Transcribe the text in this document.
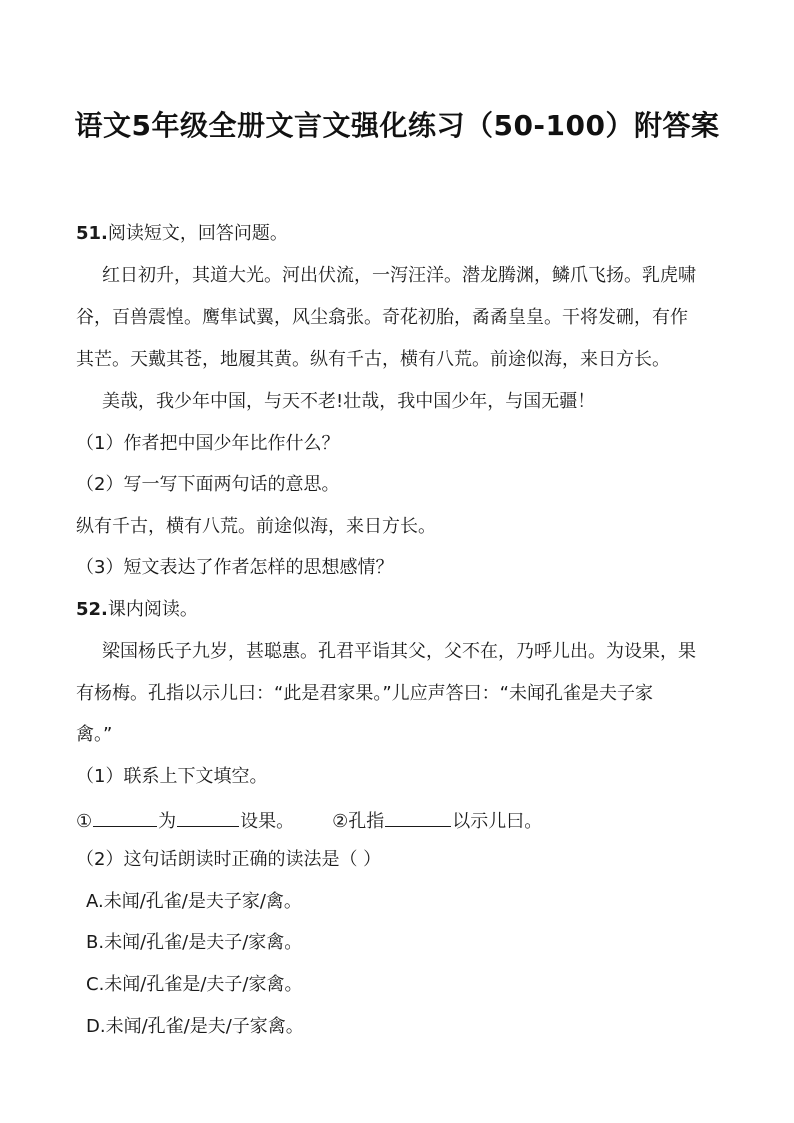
语文5年级全册文言文强化练习（50-100）附答案
51.阅读短文，回答问题。
红日初升，其道大光。河出伏流，一泻汪洋。潜龙腾渊，鳞爪飞扬。乳虎啸
谷，百兽震惶。鹰隼试翼，风尘翕张。奇花初胎，矞矞皇皇。干将发硎，有作
其芒。天戴其苍，地履其黄。纵有千古，横有八荒。前途似海，来日方长。
美哉，我少年中国，与天不老!壮哉，我中国少年，与国无疆！
（1）作者把中国少年比作什么？
（2）写一写下面两句话的意思。
纵有千古，横有八荒。前途似海，来日方长。
（3）短文表达了作者怎样的思想感情？
52.课内阅读。
梁国杨氏子九岁，甚聪惠。孔君平诣其父，父不在，乃呼儿出。为设果，果
有杨梅。孔指以示儿曰：“此是君家果。”儿应声答曰：“未闻孔雀是夫子家
禽。”
（1）联系上下文填空。
①	为	设果。 ②孔指	以示儿曰。
（2）这句话朗读时正确的读法是（ ）
A.未闻/孔雀/是夫子家/禽。
B.未闻/孔雀/是夫子/家禽。
C.未闻/孔雀是/夫子/家禽。
D.未闻/孔雀/是夫/子家禽。
